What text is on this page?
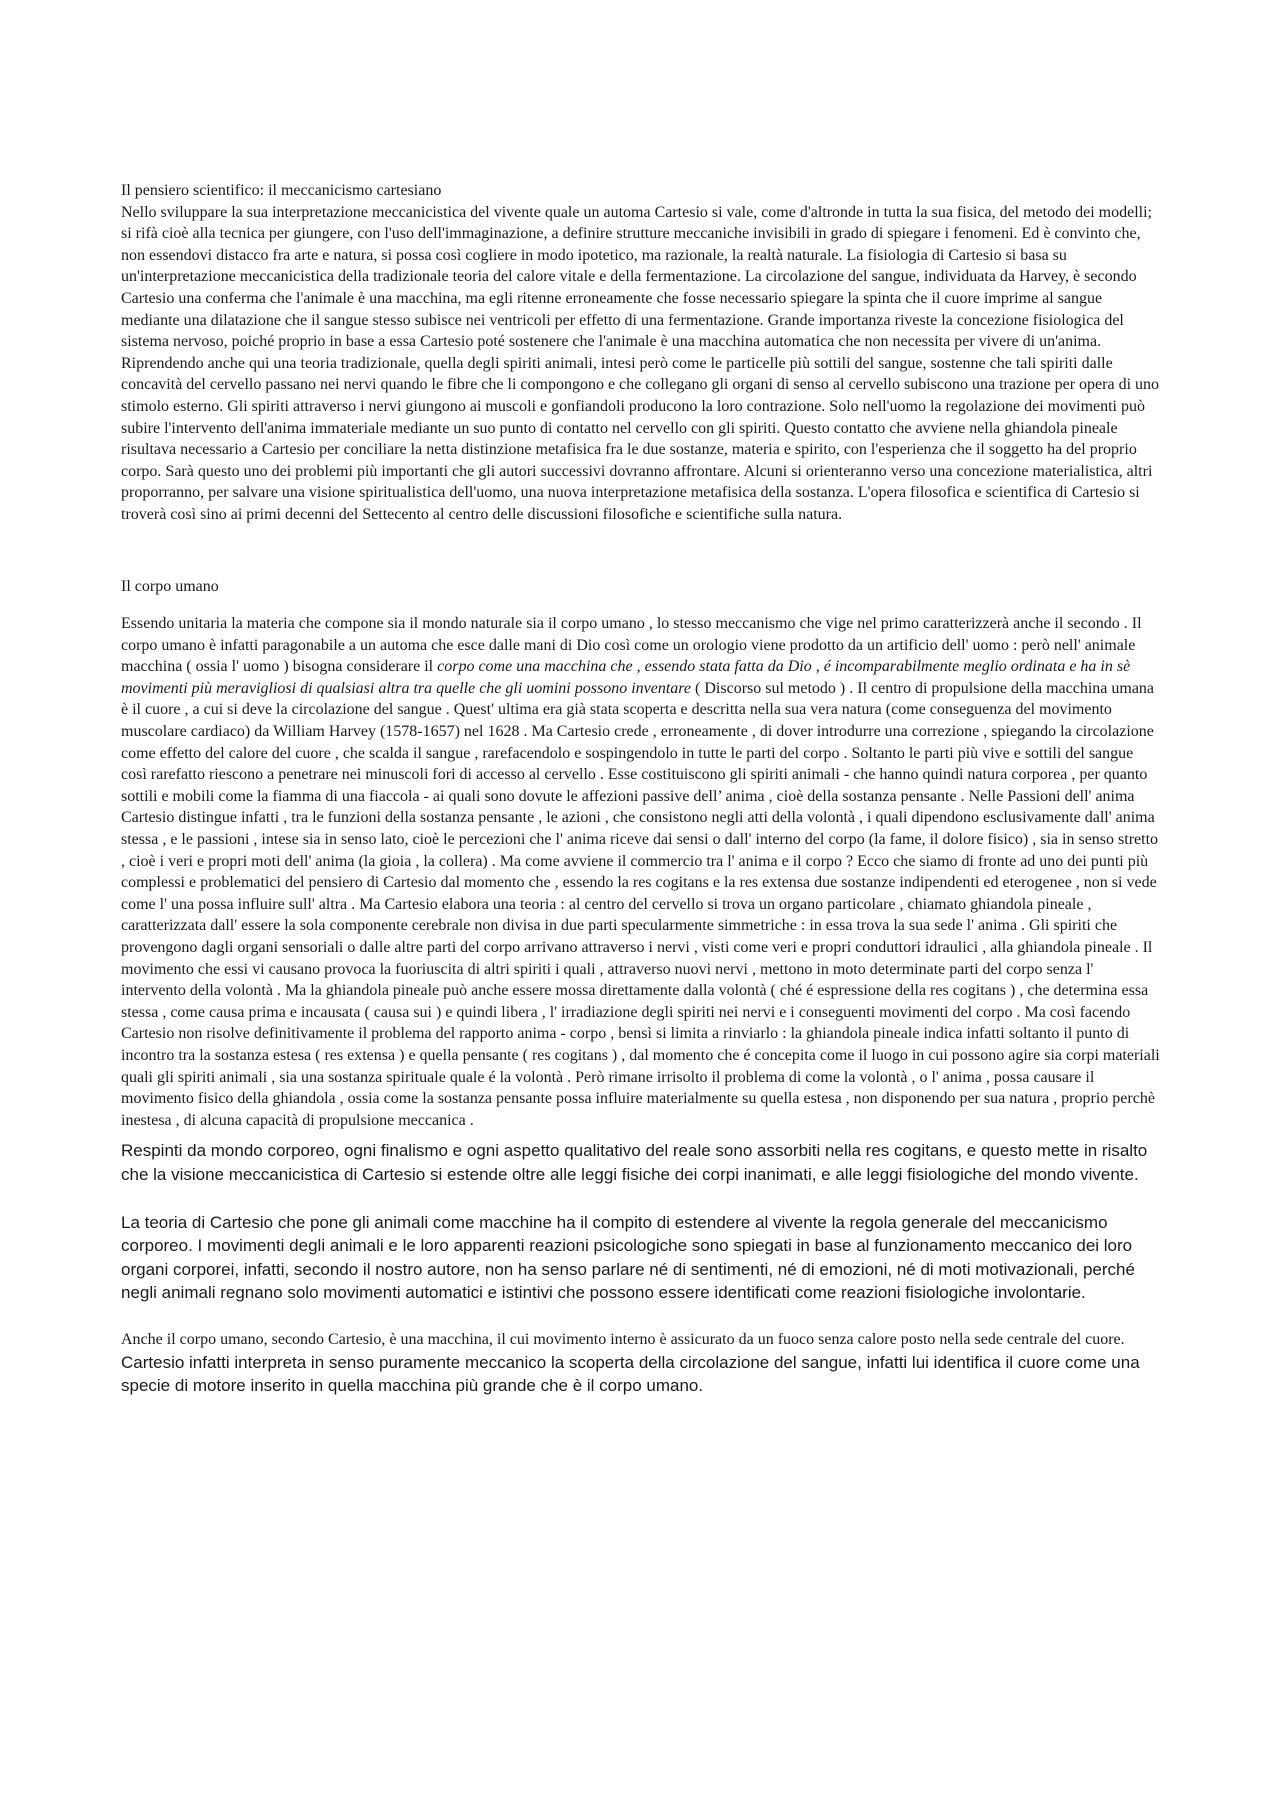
Il pensiero scientifico: il meccanicismo cartesiano

Nello sviluppare la sua interpretazione meccanicistica del vivente quale un automa Cartesio si vale, come d'altronde in tutta la sua fisica, del metodo dei modelli; si rifà cioè alla tecnica per giungere, con l'uso dell'immaginazione, a definire strutture meccaniche invisibili in grado di spiegare i fenomeni. Ed è convinto che, non essendovi distacco fra arte e natura, si possa così cogliere in modo ipotetico, ma razionale, la realtà naturale. La fisiologia di Cartesio si basa su un'interpretazione meccanicistica della tradizionale teoria del calore vitale e della fermentazione. La circolazione del sangue, individuata da Harvey, è secondo Cartesio una conferma che l'animale è una macchina, ma egli ritenne erroneamente che fosse necessario spiegare la spinta che il cuore imprime al sangue mediante una dilatazione che il sangue stesso subisce nei ventricoli per effetto di una fermentazione. Grande importanza riveste la concezione fisiologica del sistema nervoso, poiché proprio in base a essa Cartesio poté sostenere che l'animale è una macchina automatica che non necessita per vivere di un'anima. Riprendendo anche qui una teoria tradizionale, quella degli spiriti animali, intesi però come le particelle più sottili del sangue, sostenne che tali spiriti dalle concavità del cervello passano nei nervi quando le fibre che li compongono e che collegano gli organi di senso al cervello subiscono una trazione per opera di uno stimolo esterno. Gli spiriti attraverso i nervi giungono ai muscoli e gonfiandoli producono la loro contrazione. Solo nell'uomo la regolazione dei movimenti può subire l'intervento dell'anima immateriale mediante un suo punto di contatto nel cervello con gli spiriti. Questo contatto che avviene nella ghiandola pineale risultava necessario a Cartesio per conciliare la netta distinzione metafisica fra le due sostanze, materia e spirito, con l'esperienza che il soggetto ha del proprio corpo. Sarà questo uno dei problemi più importanti che gli autori successivi dovranno affrontare. Alcuni si orienteranno verso una concezione materialistica, altri proporranno, per salvare una visione spiritualistica dell'uomo, una nuova interpretazione metafisica della sostanza. L'opera filosofica e scientifica di Cartesio si troverà così sino ai primi decenni del Settecento al centro delle discussioni filosofiche e scientifiche sulla natura.

Il corpo umano

Essendo unitaria la materia che compone sia il mondo naturale sia il corpo umano , lo stesso meccanismo che vige nel primo caratterizzerà anche il secondo . Il corpo umano è infatti paragonabile a un automa che esce dalle mani di Dio così come un orologio viene prodotto da un artificio dell' uomo : però nell' animale macchina ( ossia l' uomo ) bisogna considerare il corpo come una macchina che , essendo stata fatta da Dio , é incomparabilmente meglio ordinata e ha in sè movimenti più meravigliosi di qualsiasi altra tra quelle che gli uomini possono inventare ( Discorso sul metodo ) . Il centro di propulsione della macchina umana è il cuore , a cui si deve la circolazione del sangue . Quest' ultima era già stata scoperta e descritta nella sua vera natura (come conseguenza del movimento muscolare cardiaco) da William Harvey (1578-1657) nel 1628 . Ma Cartesio crede , erroneamente , di dover introdurre una correzione , spiegando la circolazione come effetto del calore del cuore , che scalda il sangue , rarefacendolo e sospingendolo in tutte le parti del corpo . Soltanto le parti più vive e sottili del sangue così rarefatto riescono a penetrare nei minuscoli fori di accesso al cervello . Esse costituiscono gli spiriti animali - che hanno quindi natura corporea , per quanto sottili e mobili come la fiamma di una fiaccola - ai quali sono dovute le affezioni passive dell’ anima , cioè della sostanza pensante . Nelle Passioni dell' anima Cartesio distingue infatti , tra le funzioni della sostanza pensante , le azioni , che consistono negli atti della volontà , i quali dipendono esclusivamente dall' anima stessa , e le passioni , intese sia in senso lato, cioè le percezioni che l' anima riceve dai sensi o dall' interno del corpo (la fame, il dolore fisico) , sia in senso stretto , cioè i veri e propri moti dell' anima (la gioia , la collera) . Ma come avviene il commercio tra l' anima e il corpo ? Ecco che siamo di fronte ad uno dei punti più complessi e problematici del pensiero di Cartesio dal momento che , essendo la res cogitans e la res extensa due sostanze indipendenti ed eterogenee , non si vede come l' una possa influire sull' altra . Ma Cartesio elabora una teoria : al centro del cervello si trova un organo particolare , chiamato ghiandola pineale , caratterizzata dall' essere la sola componente cerebrale non divisa in due parti specularmente simmetriche : in essa trova la sua sede l' anima . Gli spiriti che provengono dagli organi sensoriali o dalle altre parti del corpo arrivano attraverso i nervi , visti come veri e propri conduttori idraulici , alla ghiandola pineale . Il movimento che essi vi causano provoca la fuoriuscita di altri spiriti i quali , attraverso nuovi nervi , mettono in moto determinate parti del corpo senza l' intervento della volontà . Ma la ghiandola pineale può anche essere mossa direttamente dalla volontà ( ché é espressione della res cogitans ) , che determina essa stessa , come causa prima e incausata ( causa sui ) e quindi libera , l' irradiazione degli spiriti nei nervi e i conseguenti movimenti del corpo . Ma così facendo Cartesio non risolve definitivamente il problema del rapporto anima - corpo , bensì si limita a rinviarlo : la ghiandola pineale indica infatti soltanto il punto di incontro tra la sostanza estesa ( res extensa ) e quella pensante ( res cogitans ) , dal momento che é concepita come il luogo in cui possono agire sia corpi materiali quali gli spiriti animali , sia una sostanza spirituale quale é la volontà . Però rimane irrisolto il problema di come la volontà , o l' anima , possa causare il movimento fisico della ghiandola , ossia come la sostanza pensante possa influire materialmente su quella estesa , non disponendo per sua natura , proprio perchè inestesa , di alcuna capacità di propulsione meccanica .

Respinti da mondo corporeo, ogni finalismo e ogni aspetto qualitativo del reale sono assorbiti nella res cogitans, e questo mette in risalto che la visione meccanicistica di Cartesio si estende oltre alle leggi fisiche dei corpi inanimati, e alle leggi fisiologiche del mondo vivente.

La teoria di Cartesio che pone gli animali come macchine ha il compito di estendere al vivente la regola generale del meccanicismo corporeo. I movimenti degli animali e le loro apparenti reazioni psicologiche sono spiegati in base al funzionamento meccanico dei loro organi corporei, infatti, secondo il nostro autore, non ha senso parlare né di sentimenti, né di emozioni, né di moti motivazionali, perché negli animali regnano solo movimenti automatici e istintivi che possono essere identificati come reazioni fisiologiche involontarie.

Anche il corpo umano, secondo Cartesio, è una macchina, il cui movimento interno è assicurato da un fuoco senza calore posto nella sede centrale del cuore.

Cartesio infatti interpreta in senso puramente meccanico la scoperta della circolazione del sangue, infatti lui identifica il cuore come una specie di motore inserito in quella macchina più grande che è il corpo umano.
